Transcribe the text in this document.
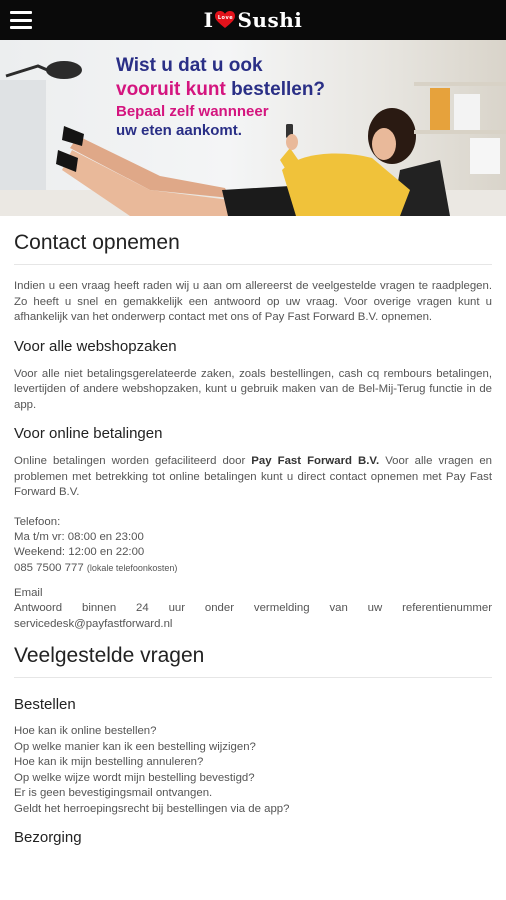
I Love Sushi
Wist u dat u ook
vooruit kunt bestellen?
Bepaal zelf wannneer
uw eten aankomt.
Contact opnemen

Indien u een vraag heeft raden wij u aan om allereerst de veelgestelde vragen te raadplegen. Zo heeft u snel en gemakkelijk een antwoord op uw vraag. Voor overige vragen kunt u afhankelijk van het onderwerp contact met ons of Pay Fast Forward B.V. opnemen.

Voor alle webshopzaken

Voor alle niet betalingsgerelateerde zaken, zoals bestellingen, cash cq rembours betalingen, levertijden of andere webshopzaken, kunt u gebruik maken van de Bel-Mij-Terug functie in de app.

Voor online betalingen

Online betalingen worden gefaciliteerd door Pay Fast Forward B.V. Voor alle vragen en problemen met betrekking tot online betalingen kunt u direct contact opnemen met Pay Fast Forward B.V.

Telefoon:
Ma t/m vr: 08:00 en 23:00
Weekend: 12:00 en 22:00
085 7500 777 (lokale telefoonkosten)
Email

Antwoord binnen 24 uur onder vermelding van uw referentienummer

servicedesk@payfastforward.nl
Veelgestelde vragen
Bestellen
Hoe kan ik online bestellen?
Op welke manier kan ik een bestelling wijzigen?
Hoe kan ik mijn bestelling annuleren?
Op welke wijze wordt mijn bestelling bevestigd?
Er is geen bevestigingsmail ontvangen.
Geldt het herroepingsrecht bij bestellingen via de app?
Bezorging
